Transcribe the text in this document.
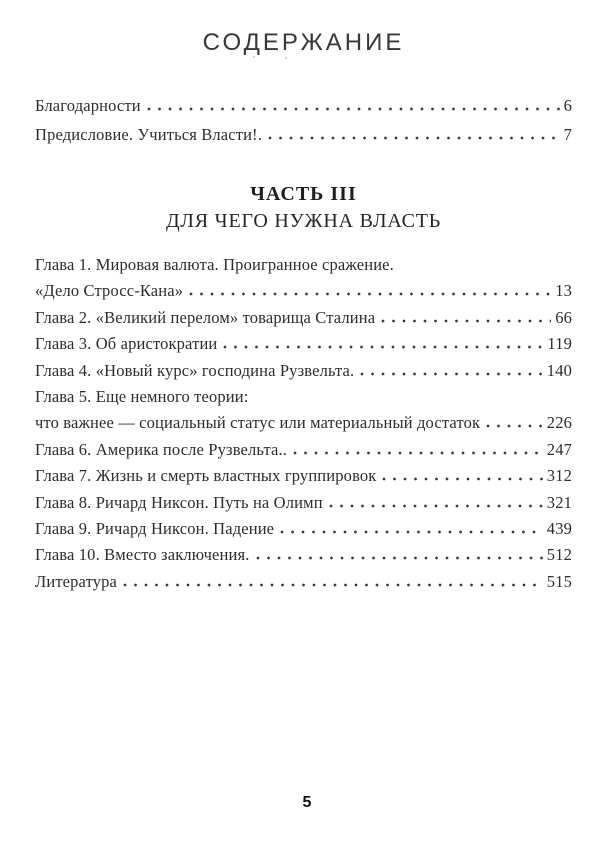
СОДЕРЖАНИЕ
Благодарности	6
Предисловие. Учиться Власти!.	7
ЧАСТЬ III
ДЛЯ ЧЕГО НУЖНА ВЛАСТЬ
Глава 1. Мировая валюта. Проигранное сражение.
«Дело Стросс-Кана»	13
Глава 2. «Великий перелом» товарища Сталина	66
Глава 3. Об аристократии	119
Глава 4. «Новый курс» господина Рузвельта.	140
Глава 5. Еще немного теории:
что важнее — социальный статус или материальный достаток	226
Глава 6. Америка после Рузвельта..	247
Глава 7. Жизнь и смерть властных группировок	312
Глава 8. Ричард Никсон. Путь на Олимп	321
Глава 9. Ричард Никсон. Падение	439
Глава 10. Вместо заключения.	512
Литература	515
5
